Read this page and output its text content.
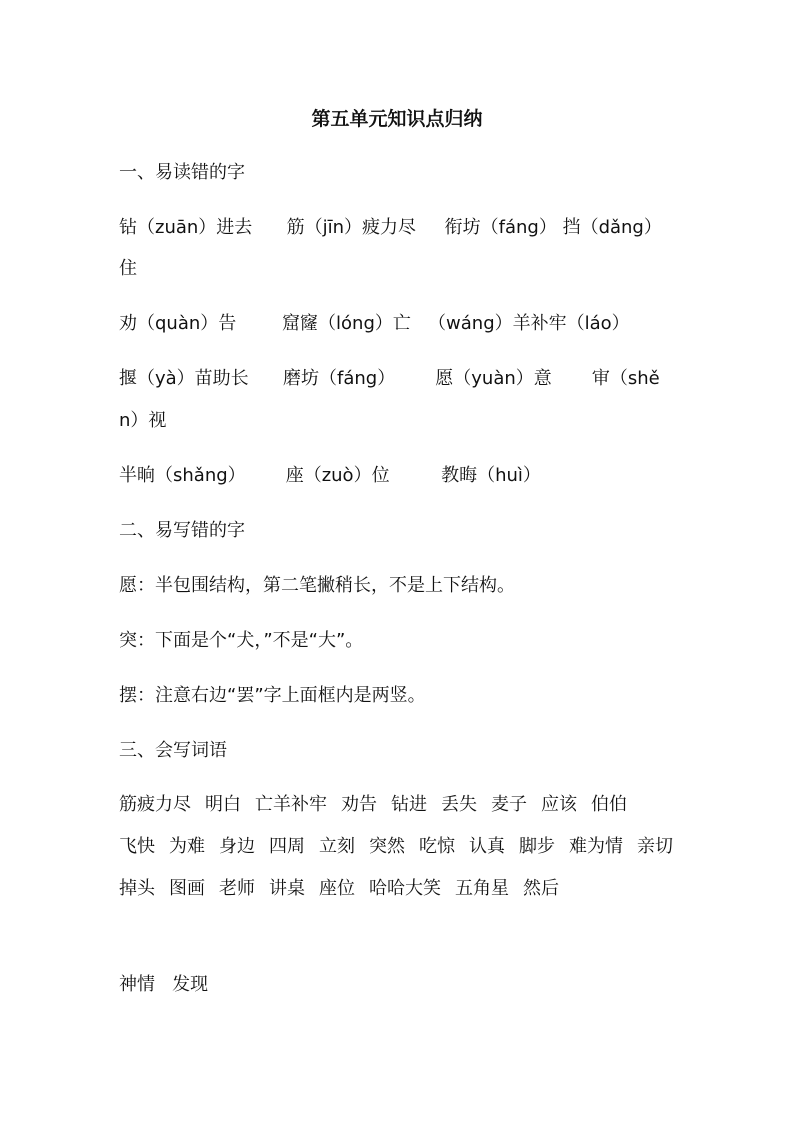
第五单元知识点归纳
一、易读错的字
钻（zuān）进去      筋（jīn）疲力尽     衔坊（fáng） 挡（dǎng）
住
劝（quàn）告        窟窿（lóng）亡   （wáng）羊补牢（láo）
揠（yà）苗助长      磨坊（fáng）       愿（yuàn）意       审（shě
n）视
半晌（shǎng）       座（zuò）位         教晦（huì）
二、易写错的字
愿：半包围结构，第二笔撇稍长，不是上下结构。
突：下面是个“犬，”不是“大”。
摆：注意右边“罢”字上面框内是两竖。
三、会写词语
筋疲力尽 明白 亡羊补牢 劝告 钻进 丢失 麦子 应该 伯伯飞快 为难 身边 四周 立刻 突然 吃惊 认真 脚步 难为情 亲切掉头 图画 老师 讲桌 座位 哈哈大笑 五角星 然后
神情   发现
